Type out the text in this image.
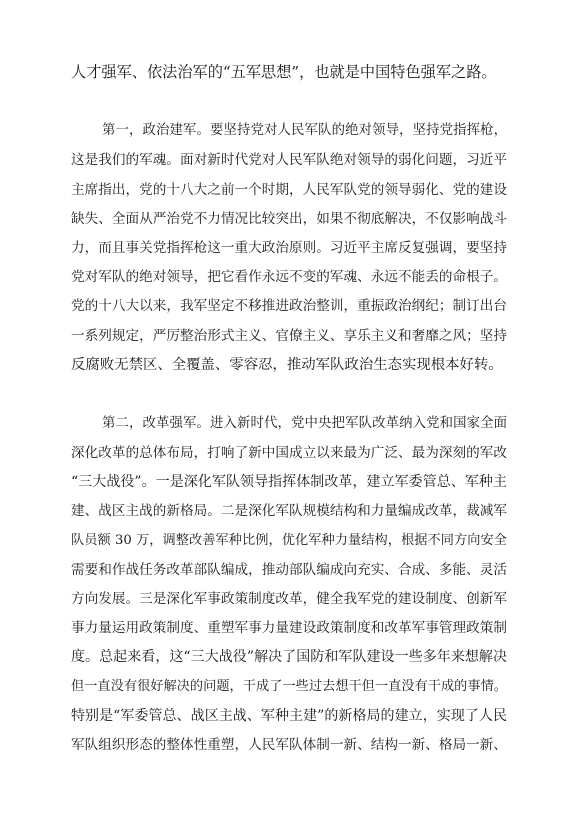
人才强军、依法治军的“五军思想”，也就是中国特色强军之路。
第一，政治建军。要坚持党对人民军队的绝对领导，坚持党指挥枪，
这是我们的军魂。面对新时代党对人民军队绝对领导的弱化问题，习近平
主席指出，党的十八大之前一个时期，人民军队党的领导弱化、党的建设
缺失、全面从严治党不力情况比较突出，如果不彻底解决，不仅影响战斗
力，而且事关党指挥枪这一重大政治原则。习近平主席反复强调，要坚持
党对军队的绝对领导，把它看作永远不变的军魂、永远不能丢的命根子。
党的十八大以来，我军坚定不移推进政治整训，重振政治纲纪；制订出台
一系列规定，严厉整治形式主义、官僚主义、享乐主义和奢靡之风；坚持
反腐败无禁区、全覆盖、零容忍，推动军队政治生态实现根本好转。
第二，改革强军。进入新时代，党中央把军队改革纳入党和国家全面
深化改革的总体布局，打响了新中国成立以来最为广泛、最为深刻的军改
“三大战役”。一是深化军队领导指挥体制改革，建立军委管总、军种主
建、战区主战的新格局。二是深化军队规模结构和力量编成改革，裁减军
队员额 30 万，调整改善军种比例，优化军种力量结构，根据不同方向安全
需要和作战任务改革部队编成，推动部队编成向充实、合成、多能、灵活
方向发展。三是深化军事政策制度改革，健全我军党的建设制度、创新军
事力量运用政策制度、重塑军事力量建设政策制度和改革军事管理政策制
度。总起来看，这“三大战役”解决了国防和军队建设一些多年来想解决
但一直没有很好解决的问题，干成了一些过去想干但一直没有干成的事情。
特别是“军委管总、战区主战、军种主建”的新格局的建立，实现了人民
军队组织形态的整体性重塑，人民军队体制一新、结构一新、格局一新、
